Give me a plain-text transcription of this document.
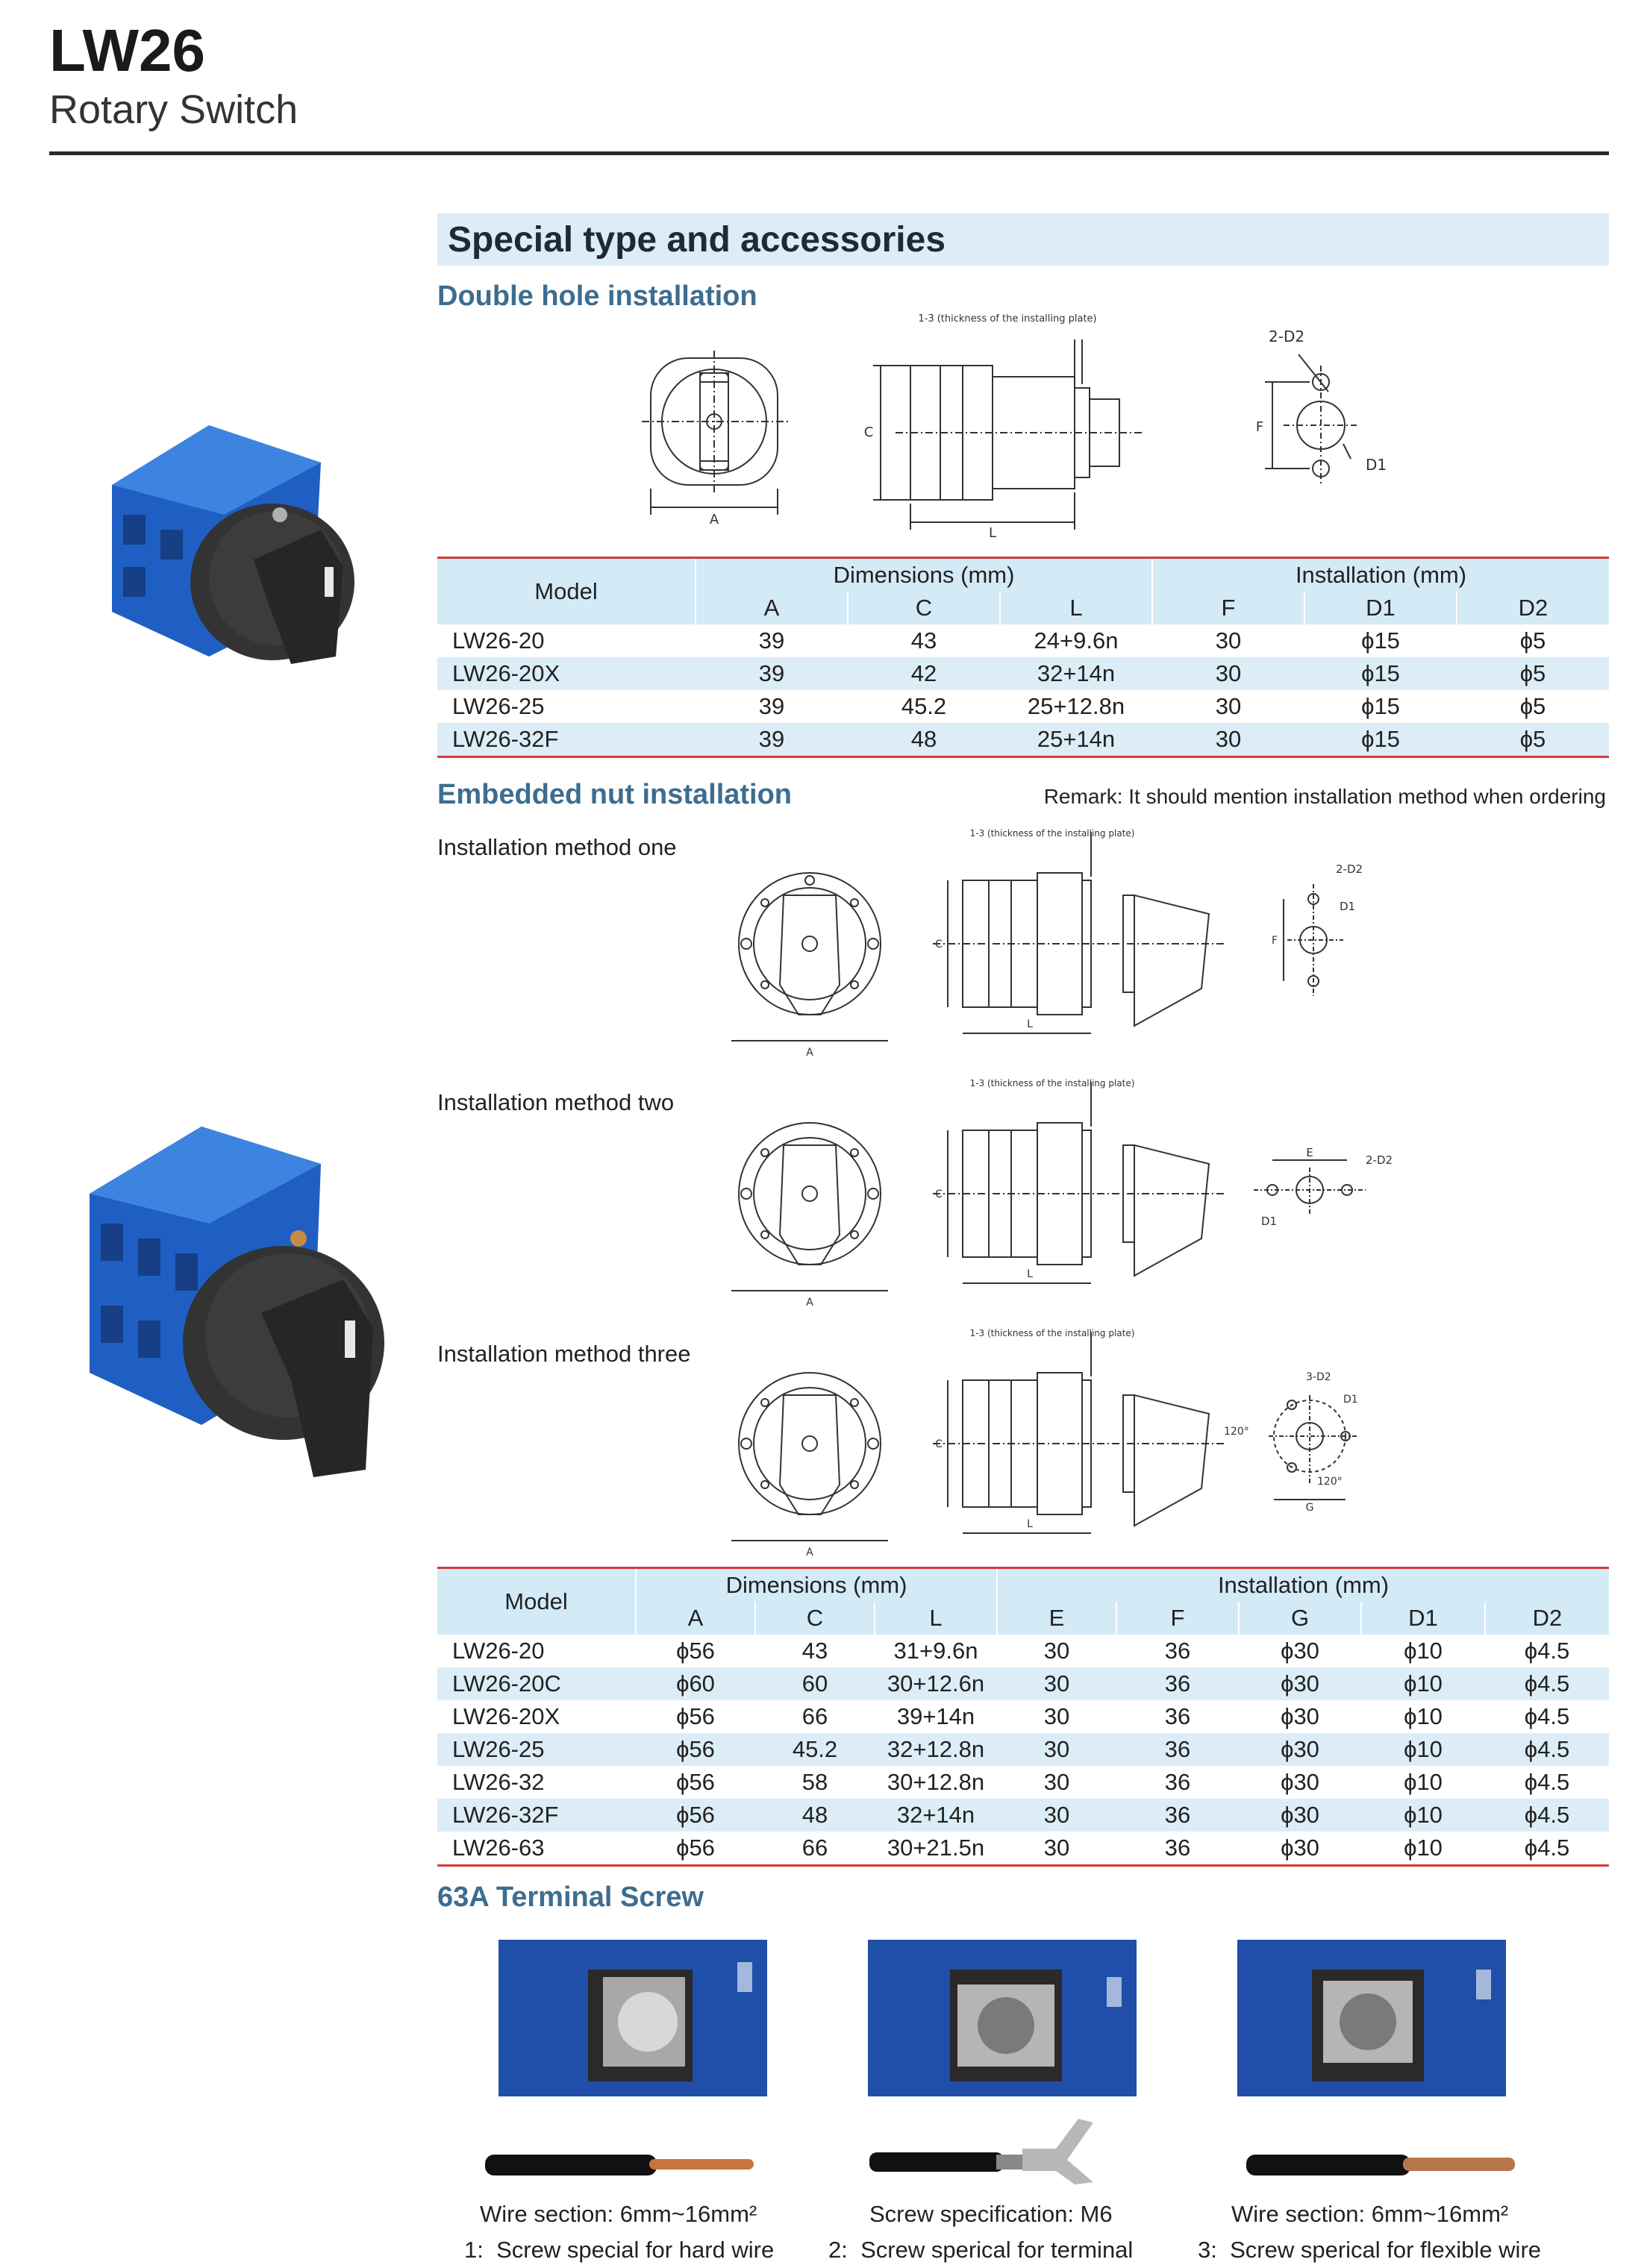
LW26
Rotary Switch
Special type and accessories
Double hole installation
A
1-3 (thickness of the installing plate)
C
L
2-D2
F
D1
Model	Dimensions (mm)			Installation (mm)		
	A	C	L	F	D1	D2
LW26-20	39	43	24+9.6n	30	ϕ15	ϕ5
LW26-20X	39	42	32+14n	30	ϕ15	ϕ5
LW26-25	39	45.2	25+12.8n	30	ϕ15	ϕ5
LW26-32F	39	48	25+14n	30	ϕ15	ϕ5
Embedded nut installation	Remark: It should mention installation method when ordering
Installation method one
Installation method two
Installation method three
A
1-3 (thickness of the installing plate)
C
L
2-D2
D1
F
A
1-3 (thickness of the installing plate)
C
L
E
2-D2
D1
A
1-3 (thickness of the installing plate)
C
L
3-D2
D1
120°
120°
G
Model	Dimensions (mm)			Installation (mm)				
	A	C	L	E	F	G	D1	D2
LW26-20	ϕ56	43	31+9.6n	30	36	ϕ30	ϕ10	ϕ4.5
LW26-20C	ϕ60	60	30+12.6n	30	36	ϕ30	ϕ10	ϕ4.5
LW26-20X	ϕ56	66	39+14n	30	36	ϕ30	ϕ10	ϕ4.5
LW26-25	ϕ56	45.2	32+12.8n	30	36	ϕ30	ϕ10	ϕ4.5
LW26-32	ϕ56	58	30+12.8n	30	36	ϕ30	ϕ10	ϕ4.5
LW26-32F	ϕ56	48	32+14n	30	36	ϕ30	ϕ10	ϕ4.5
LW26-63	ϕ56	66	30+21.5n	30	36	ϕ30	ϕ10	ϕ4.5
63A Terminal Screw
Wire section: 6mm~16mm²	Screw specification: M6	Wire section: 6mm~16mm²
1: Screw special for hard wire 2: Screw sperical for terminal	3: Screw sperical for flexible wire
